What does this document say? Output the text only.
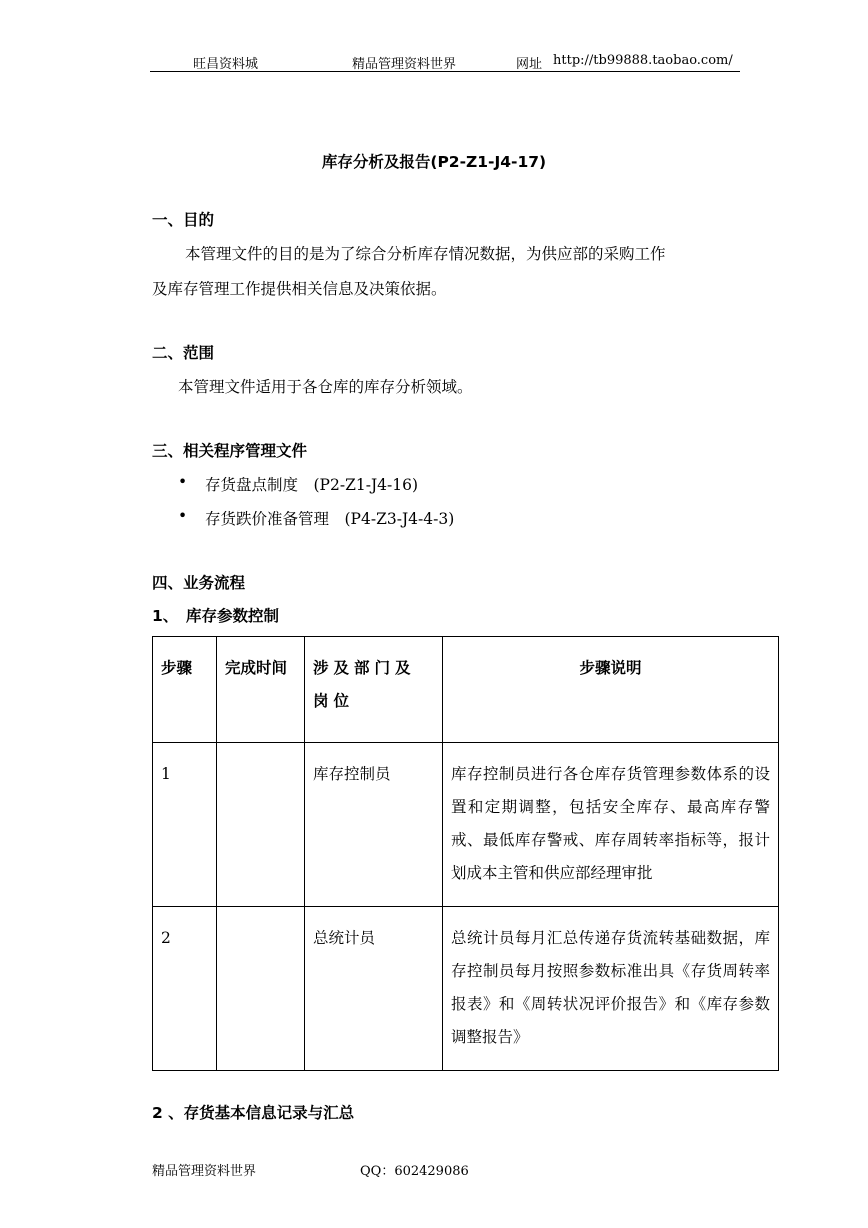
旺昌资料城	精品管理资料世界	网址 http://tb99888.taobao.com/
库存分析及报告(P2-Z1-J4-17)
一、目的
本管理文件的目的是为了综合分析库存情况数据，为供应部的采购工作
及库存管理工作提供相关信息及决策依据。
二、范围
本管理文件适用于各仓库的库存分析领域。
三、相关程序管理文件
• 存货盘点制度　(P2-Z1-J4-16)
• 存货跌价准备管理　(P4-Z3-J4-4-3)
四、业务流程
1、　库存参数控制
步骤	完成时间	涉及部门及岗位	步骤说明
1		库存控制员	库存控制员进行各仓库存货管理参数体系的设置和定期调整，包括安全库存、最高库存警戒、最低库存警戒、库存周转率指标等，报计划成本主管和供应部经理审批
2		总统计员	总统计员每月汇总传递存货流转基础数据，库存控制员每月按照参数标准出具《存货周转率报表》和《周转状况评价报告》和《库存参数调整报告》
2 、存货基本信息记录与汇总
精品管理资料世界	QQ：602429086
